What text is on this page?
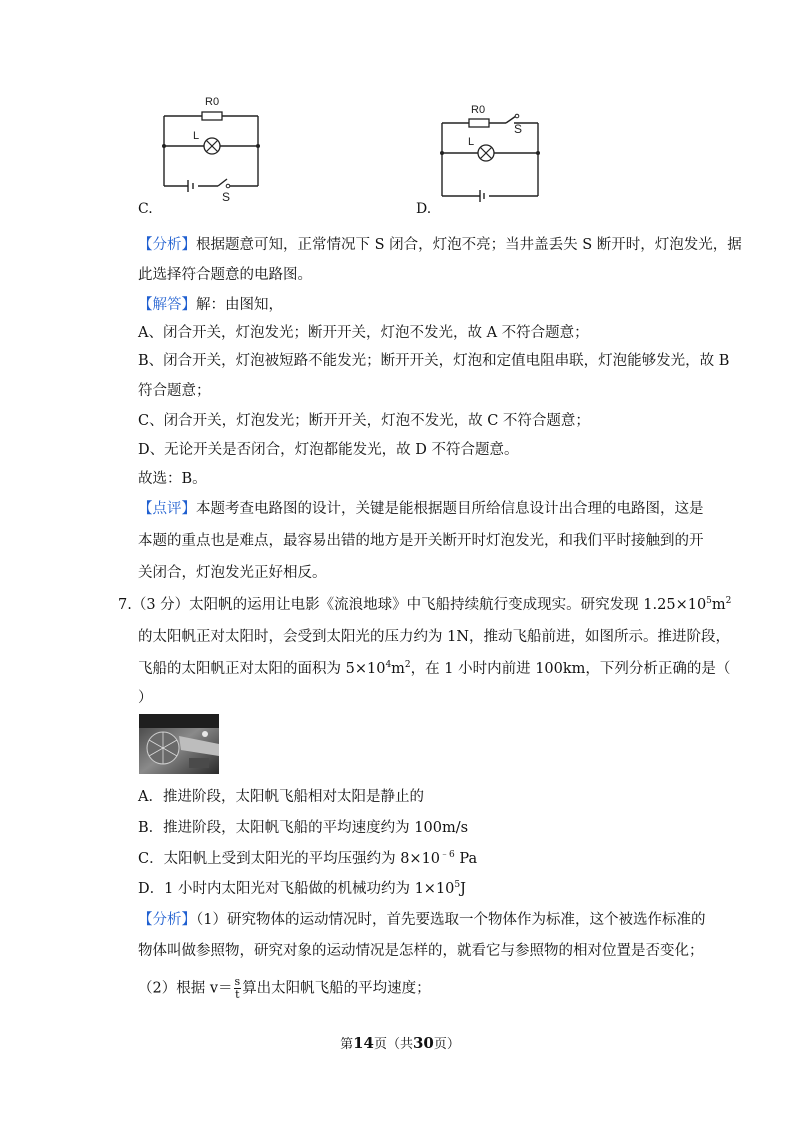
R0
L
S
C.
R0
S
L
D.
【分析】根据题意可知，正常情况下 S 闭合，灯泡不亮；当井盖丢失 S 断开时，灯泡发光，据
此选择符合题意的电路图。
【解答】解：由图知，
A、闭合开关，灯泡发光；断开开关，灯泡不发光，故 A 不符合题意；
B、闭合开关，灯泡被短路不能发光；断开开关，灯泡和定值电阻串联，灯泡能够发光，故 B
符合题意；
C、闭合开关，灯泡发光；断开开关，灯泡不发光，故 C 不符合题意；
D、无论开关是否闭合，灯泡都能发光，故 D 不符合题意。
故选：B。
【点评】本题考查电路图的设计，关键是能根据题目所给信息设计出合理的电路图，这是
本题的重点也是难点，最容易出错的地方是开关断开时灯泡发光，和我们平时接触到的开
关闭合，灯泡发光正好相反。
7.（3 分）太阳帆的运用让电影《流浪地球》中飞船持续航行变成现实。研究发现 $1.25\times 10^5m^2$
的太阳帆正对太阳时，会受到太阳光的压力约为 1N，推动飞船前进，如图所示。推进阶段，
飞船的太阳帆正对太阳的面积为 $5\times 10^4m^2$，在 1 小时内前进 100km，下列分析正确的是（
）
A．推进阶段，太阳帆飞船相对太阳是静止的
B．推进阶段，太阳帆飞船的平均速度约为 100m/s
C．太阳帆上受到太阳光的平均压强约为 $8\times 10^{﹣6}$ Pa
D．1 小时内太阳光对飞船做的机械功约为 $1\times 10^5J$
【分析】（1）研究物体的运动情况时，首先要选取一个物体作为标准，这个被选作标准的
物体叫做参照物，研究对象的运动情况是怎样的，就看它与参照物的相对位置是否变化；
（2）根据 $v= \frac{s}{t}$ 算出太阳帆飞船的平均速度；
第14页（共30页）
